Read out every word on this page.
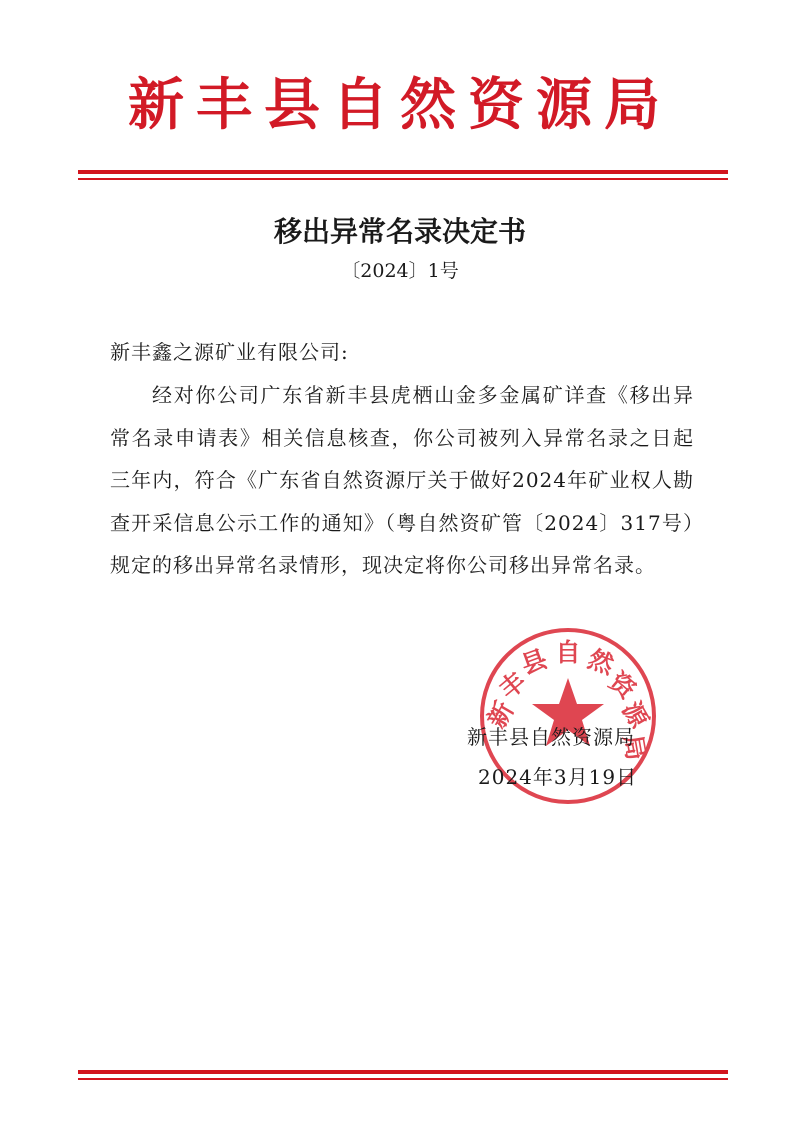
新丰县自然资源局
移出异常名录决定书
〔2024〕1号
新丰鑫之源矿业有限公司:
经对你公司广东省新丰县虎栖山金多金属矿详查《移出异常名录申请表》相关信息核查，你公司被列入异常名录之日起三年内，符合《广东省自然资源厅关于做好2024年矿业权人勘查开采信息公示工作的通知》（粤自然资矿管〔2024〕317号）规定的移出异常名录情形，现决定将你公司移出异常名录。
新
丰
县 自 然
资
源
局
新丰县自然资源局
2024年3月19日
